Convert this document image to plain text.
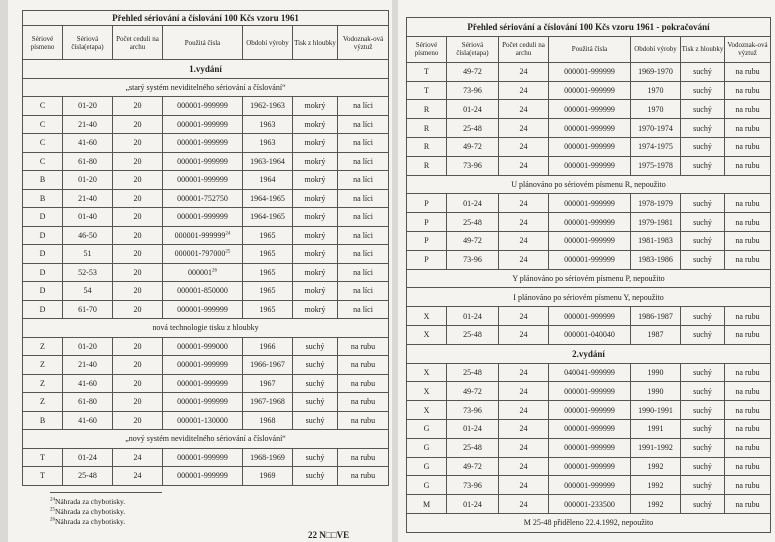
Přehled sériování a číslování 100 Kčs vzoru 1961						
Sériové písmeno	Sériová čísla(etapa)	Počet ceduli na archu	Použitá čísla	Období výroby	Tisk z hloubky	Vodoznak-ová výztuž
1.vydání						
„starý systém neviditelného sériování a číslování“						
C	01-20	20	000001-999999	1962-1963	mokrý	na líci
C	21-40	20	000001-999999	1963	mokrý	na líci
C	41-60	20	000001-999999	1963	mokrý	na líci
C	61-80	20	000001-999999	1963-1964	mokrý	na líci
B	01-20	20	000001-999999	1964	mokrý	na líci
B	21-40	20	000001-752750	1964-1965	mokrý	na líci
D	01-40	20	000001-999999	1964-1965	mokrý	na líci
D	46-50	20	000001-999999$^{24}$	1965	mokrý	na líci
D	51	20	000001-797000$^{25}$	1965	mokrý	na líci
D	52-53	20	000001$^{26}$	1965	mokrý	na líci
D	54	20	000001-850000	1965	mokrý	na líci
D	61-70	20	000001-999999	1965	mokrý	na líci
nová technologie tisku z hloubky						
Z	01-20	20	000001-999000	1966	suchý	na rubu
Z	21-40	20	000001-999999	1966-1967	suchý	na rubu
Z	41-60	20	000001-999999	1967	suchý	na rubu
Z	61-80	20	000001-999999	1967-1968	suchý	na rubu
B	41-60	20	000001-130000	1968	suchý	na rubu
„nový systém neviditelného sériování a číslování“						
T	01-24	24	000001-999999	1968-1969	suchý	na rubu
T	25-48	24	000001-999999	1969	suchý	na rubu
$^{24}$Náhrada za chybotisky.
$^{25}$Náhrada za chybotisky.
$^{26}$Náhrada za chybotisky.
22 N□□VE
Přehled sériování a číslování 100 Kčs vzoru 1961 - pokračování						
Sériové písmeno	Sériová čísla(etapa)	Počet ceduli na archu	Použitá čísla	Období výroby	Tisk z hloubky	Vodoznak-ová výztuž
T	49-72	24	000001-999999	1969-1970	suchý	na rubu
T	73-96	24	000001-999999	1970	suchý	na rubu
R	01-24	24	000001-999999	1970	suchý	na rubu
R	25-48	24	000001-999999	1970-1974	suchý	na rubu
R	49-72	24	000001-999999	1974-1975	suchý	na rubu
R	73-96	24	000001-999999	1975-1978	suchý	na rubu
U plánováno po sériovém písmenu R, nepoužito						
P	01-24	24	000001-999999	1978-1979	suchý	na rubu
P	25-48	24	000001-999999	1979-1981	suchý	na rubu
P	49-72	24	000001-999999	1981-1983	suchý	na rubu
P	73-96	24	000001-999999	1983-1986	suchý	na rubu
Y plánováno po sériovém písmenu P, nepoužito						
I plánováno po sériovém písmenu Y, nepoužito						
X	01-24	24	000001-999999	1986-1987	suchý	na rubu
X	25-48	24	000001-040040	1987	suchý	na rubu
2.vydání						
X	25-48	24	040041-999999	1990	suchý	na rubu
X	49-72	24	000001-999999	1990	suchý	na rubu
X	73-96	24	000001-999999	1990-1991	suchý	na rubu
G	01-24	24	000001-999999	1991	suchý	na rubu
G	25-48	24	000001-999999	1991-1992	suchý	na rubu
G	49-72	24	000001-999999	1992	suchý	na rubu
G	73-96	24	000001-999999	1992	suchý	na rubu
M	01-24	24	000001-233500	1992	suchý	na rubu
M 25-48 přiděleno 22.4.1992, nepoužito						
